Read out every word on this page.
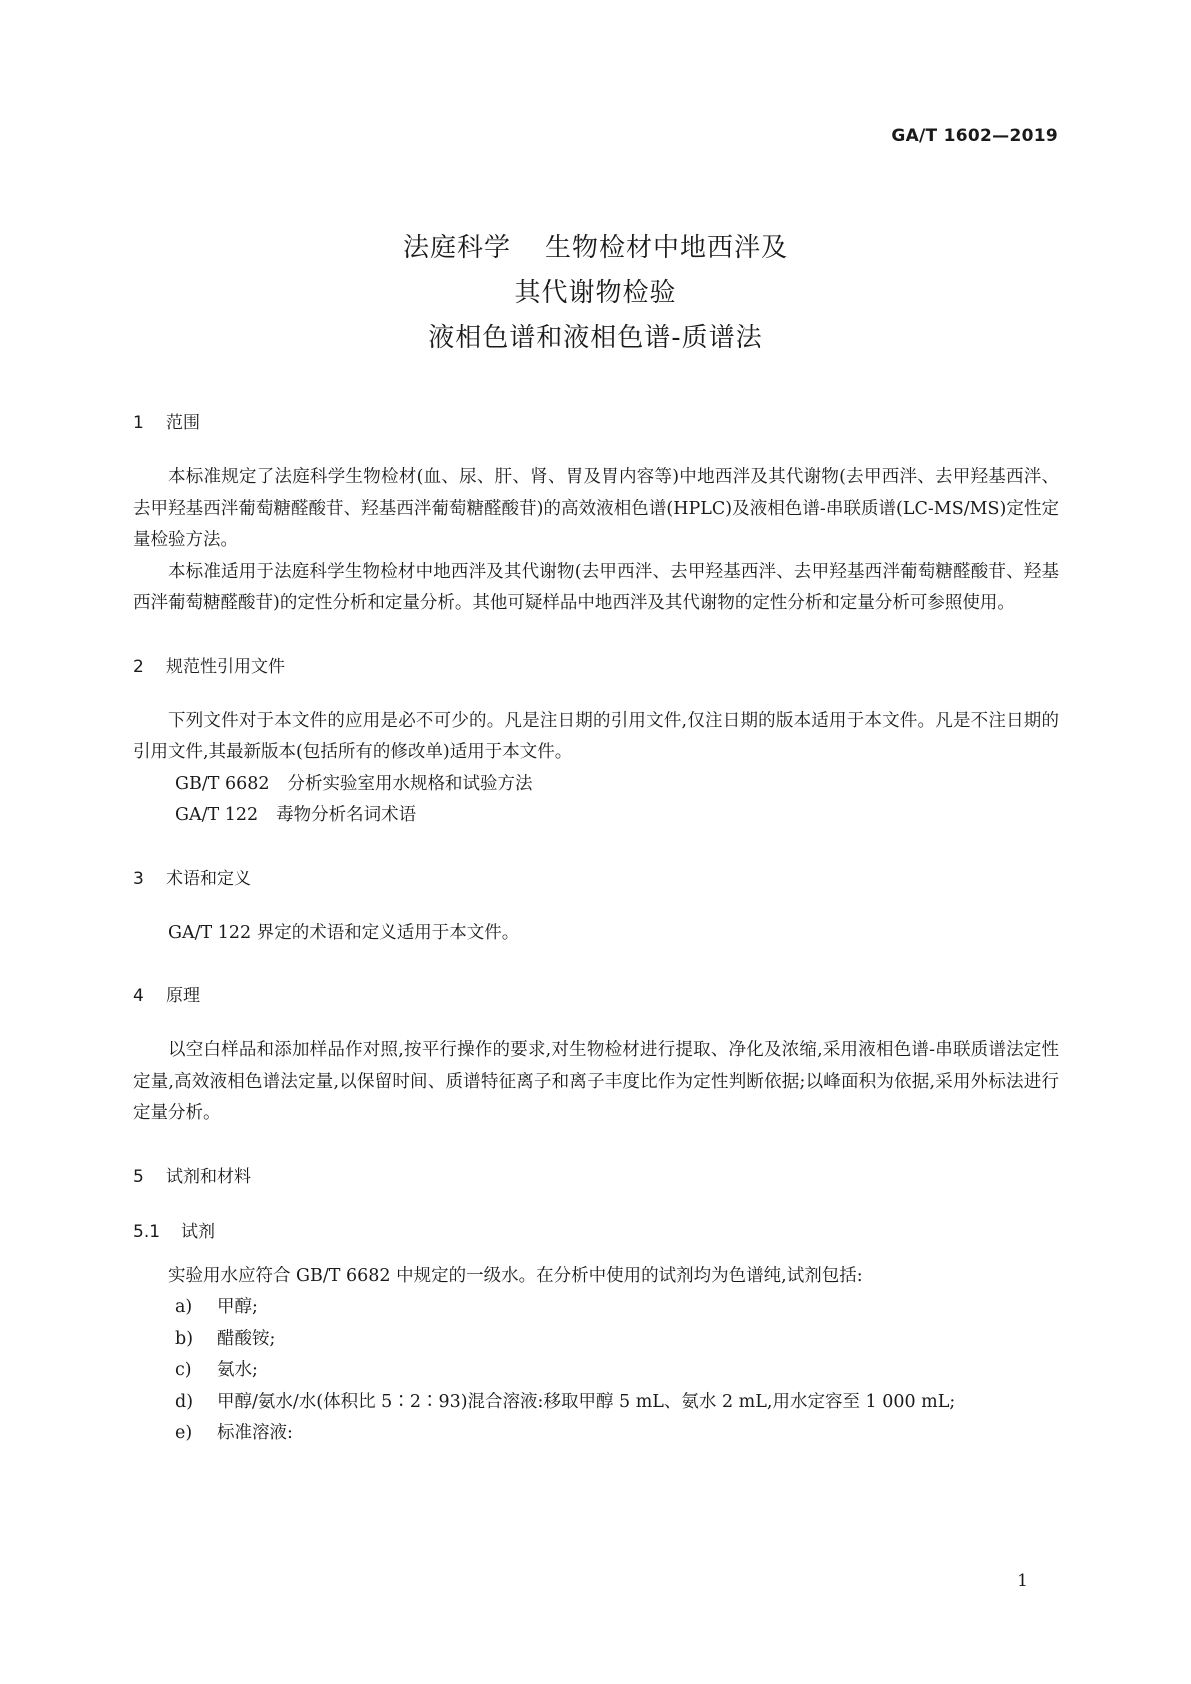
GA/T 1602—2019
法庭科学 生物检材中地西泮及
其代谢物检验
液相色谱和液相色谱-质谱法
1 范围

本标准规定了法庭科学生物检材(血、尿、肝、肾、胃及胃内容等)中地西泮及其代谢物(去甲西泮、去甲羟基西泮、去甲羟基西泮葡萄糖醛酸苷、羟基西泮葡萄糖醛酸苷)的高效液相色谱(HPLC)及液相色谱-串联质谱(LC-MS/MS)定性定量检验方法。

本标准适用于法庭科学生物检材中地西泮及其代谢物(去甲西泮、去甲羟基西泮、去甲羟基西泮葡萄糖醛酸苷、羟基西泮葡萄糖醛酸苷)的定性分析和定量分析。其他可疑样品中地西泮及其代谢物的定性分析和定量分析可参照使用。

2 规范性引用文件

下列文件对于本文件的应用是必不可少的。凡是注日期的引用文件,仅注日期的版本适用于本文件。凡是不注日期的引用文件,其最新版本(包括所有的修改单)适用于本文件。

GB/T 6682 分析实验室用水规格和试验方法
GA/T 122 毒物分析名词术语
3 术语和定义

GA/T 122 界定的术语和定义适用于本文件。

4 原理

以空白样品和添加样品作对照,按平行操作的要求,对生物检材进行提取、净化及浓缩,采用液相色谱-串联质谱法定性定量,高效液相色谱法定量,以保留时间、质谱特征离子和离子丰度比作为定性判断依据;以峰面积为依据,采用外标法进行定量分析。

5 试剂和材料
5.1 试剂

实验用水应符合 GB/T 6682 中规定的一级水。在分析中使用的试剂均为色谱纯,试剂包括:

a) 甲醇;
b) 醋酸铵;
c) 氨水;
d) 甲醇/氨水/水(体积比 5∶2∶93)混合溶液:移取甲醇 5 mL、氨水 2 mL,用水定容至 1 000 mL;
e) 标准溶液:
1
